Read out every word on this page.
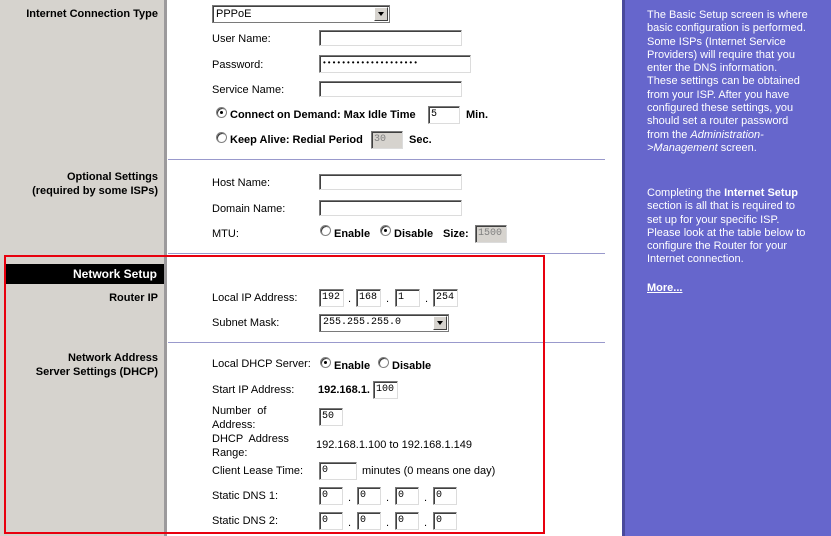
Internet Connection Type	PPPoE
User Name:
Password:	••••••••••••••••••••
Service Name:
Connect on Demand: Max Idle Time	5	Min.
Keep Alive: Redial Period	30	Sec.
Optional Settings
(required by some ISPs)
Host Name:
Domain Name:
MTU:	Enable Disable Size: 1500
Network Setup
Router IP	Local IP Address:	192 . 168 . 1	. 254
Subnet Mask:	255.255.255.0
Network Address
Server Settings (DHCP)
Local DHCP Server: Enable Disable
Start IP Address: 192.168.1. 100
Number  of
Address:
50
DHCP  Address
Range:
192.168.1.100 to 192.168.1.149
Client Lease Time:	0	minutes (0 means one day)
Static DNS 1:	0	. 0	. 0	. 0
Static DNS 2:	0	. 0	. 0	. 0
The Basic Setup screen is where basic configuration is performed. Some ISPs (Internet Service Providers) will require that you enter the DNS information. These settings can be obtained from your ISP. After you have configured these settings, you should set a router password from the Administration->Management screen.
Completing the Internet Setup section is all that is required to set up for your specific ISP. Please look at the table below to configure the Router for your Internet connection.
More...
